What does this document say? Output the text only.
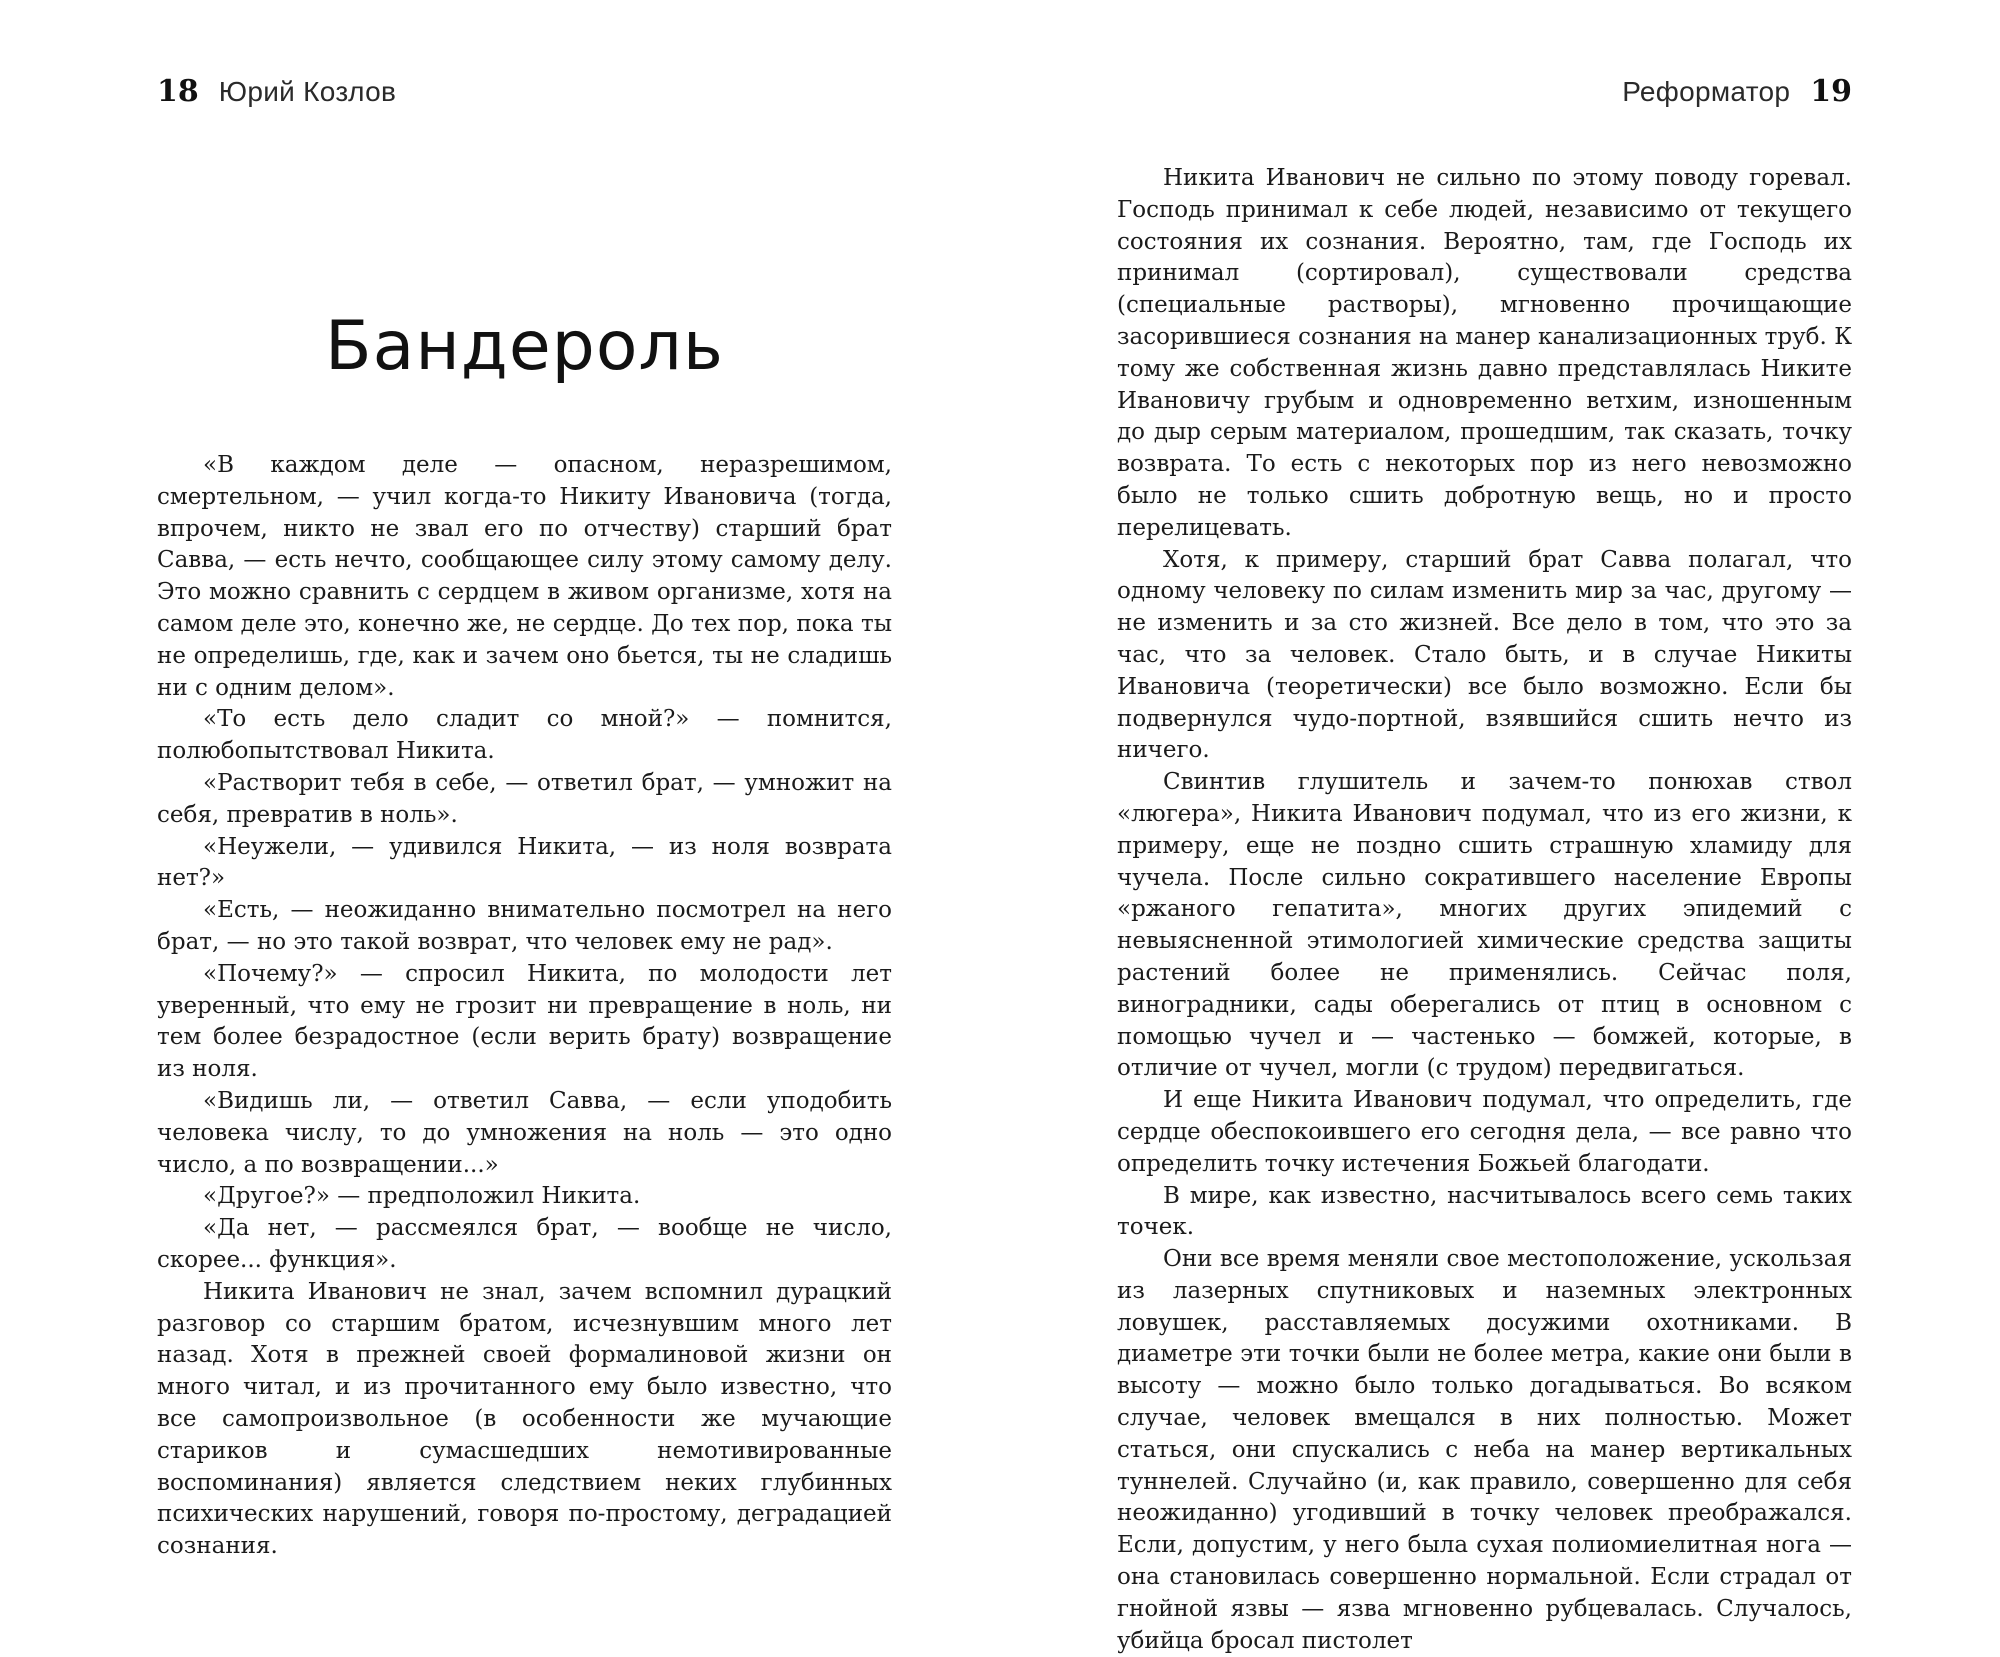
18 Юрий Козлов	Реформатор 19
Бандероль

«В каждом деле — опасном, неразрешимом, смертельном, — учил когда-то Никиту Ивановича (тогда, впрочем, никто не звал его по отчеству) старший брат Савва, — есть нечто, сообщающее силу этому самому делу. Это можно сравнить с сердцем в живом организме, хотя на самом деле это, конечно же, не сердце. До тех пор, пока ты не определишь, где, как и зачем оно бьется, ты не сладишь ни с одним делом».

«То есть дело сладит со мной?» — помнится, полюбопытствовал Никита.

«Растворит тебя в себе, — ответил брат, — умножит на себя, превратив в ноль».

«Неужели, — удивился Никита, — из ноля возврата нет?»

«Есть, — неожиданно внимательно посмотрел на него брат, — но это такой возврат, что человек ему не рад».

«Почему?» — спросил Никита, по молодости лет уверенный, что ему не грозит ни превращение в ноль, ни тем более безрадостное (если верить брату) возвращение из ноля.

«Видишь ли, — ответил Савва, — если уподобить человека числу, то до умножения на ноль — это одно число, а по возвращении...»

«Другое?» — предположил Никита.

«Да нет, — рассмеялся брат, — вообще не число, скорее... функция».

Никита Иванович не знал, зачем вспомнил дурацкий разговор со старшим братом, исчезнувшим много лет назад. Хотя в прежней своей формалиновой жизни он много читал, и из прочитанного ему было известно, что все самопроизвольное (в особенности же мучающие стариков и сумасшедших немотивированные воспоминания) является следствием неких глубинных психических нарушений, говоря по-простому, деградацией сознания.

Никита Иванович не сильно по этому поводу горевал. Господь принимал к себе людей, независимо от текущего состояния их сознания. Вероятно, там, где Господь их принимал (сортировал), существовали средства (специальные растворы), мгновенно прочищающие засорившиеся сознания на манер канализационных труб. К тому же собственная жизнь давно представлялась Никите Ивановичу грубым и одновременно ветхим, изношенным до дыр серым материалом, прошедшим, так сказать, точку возврата. То есть с некоторых пор из него невозможно было не только сшить добротную вещь, но и просто перелицевать.

Хотя, к примеру, старший брат Савва полагал, что одному человеку по силам изменить мир за час, другому — не изменить и за сто жизней. Все дело в том, что это за час, что за человек. Стало быть, и в случае Никиты Ивановича (теоретически) все было возможно. Если бы подвернулся чудо-портной, взявшийся сшить нечто из ничего.

Свинтив глушитель и зачем-то понюхав ствол «люгера», Никита Иванович подумал, что из его жизни, к примеру, еще не поздно сшить страшную хламиду для чучела. После сильно сократившего население Европы «ржаного гепатита», многих других эпидемий с невыясненной этимологией химические средства защиты растений более не применялись. Сейчас поля, виноградники, сады оберегались от птиц в основном с помощью чучел и — частенько — бомжей, которые, в отличие от чучел, могли (с трудом) передвигаться.

И еще Никита Иванович подумал, что определить, где сердце обеспокоившего его сегодня дела, — все равно что определить точку истечения Божьей благодати.

В мире, как известно, насчитывалось всего семь таких точек.

Они все время меняли свое местоположение, ускользая из лазерных спутниковых и наземных электронных ловушек, расставляемых досужими охотниками. В диаметре эти точки были не более метра, какие они были в высоту — можно было только догадываться. Во всяком случае, человек вмещался в них полностью. Может статься, они спускались с неба на манер вертикальных туннелей. Случайно (и, как правило, совершенно для себя неожиданно) угодивший в точку человек преображался. Если, допустим, у него была сухая полиомиелитная нога — она становилась совершенно нормальной. Если страдал от гнойной язвы — язва мгновенно рубцевалась. Случалось, убийца бросал пистолет
